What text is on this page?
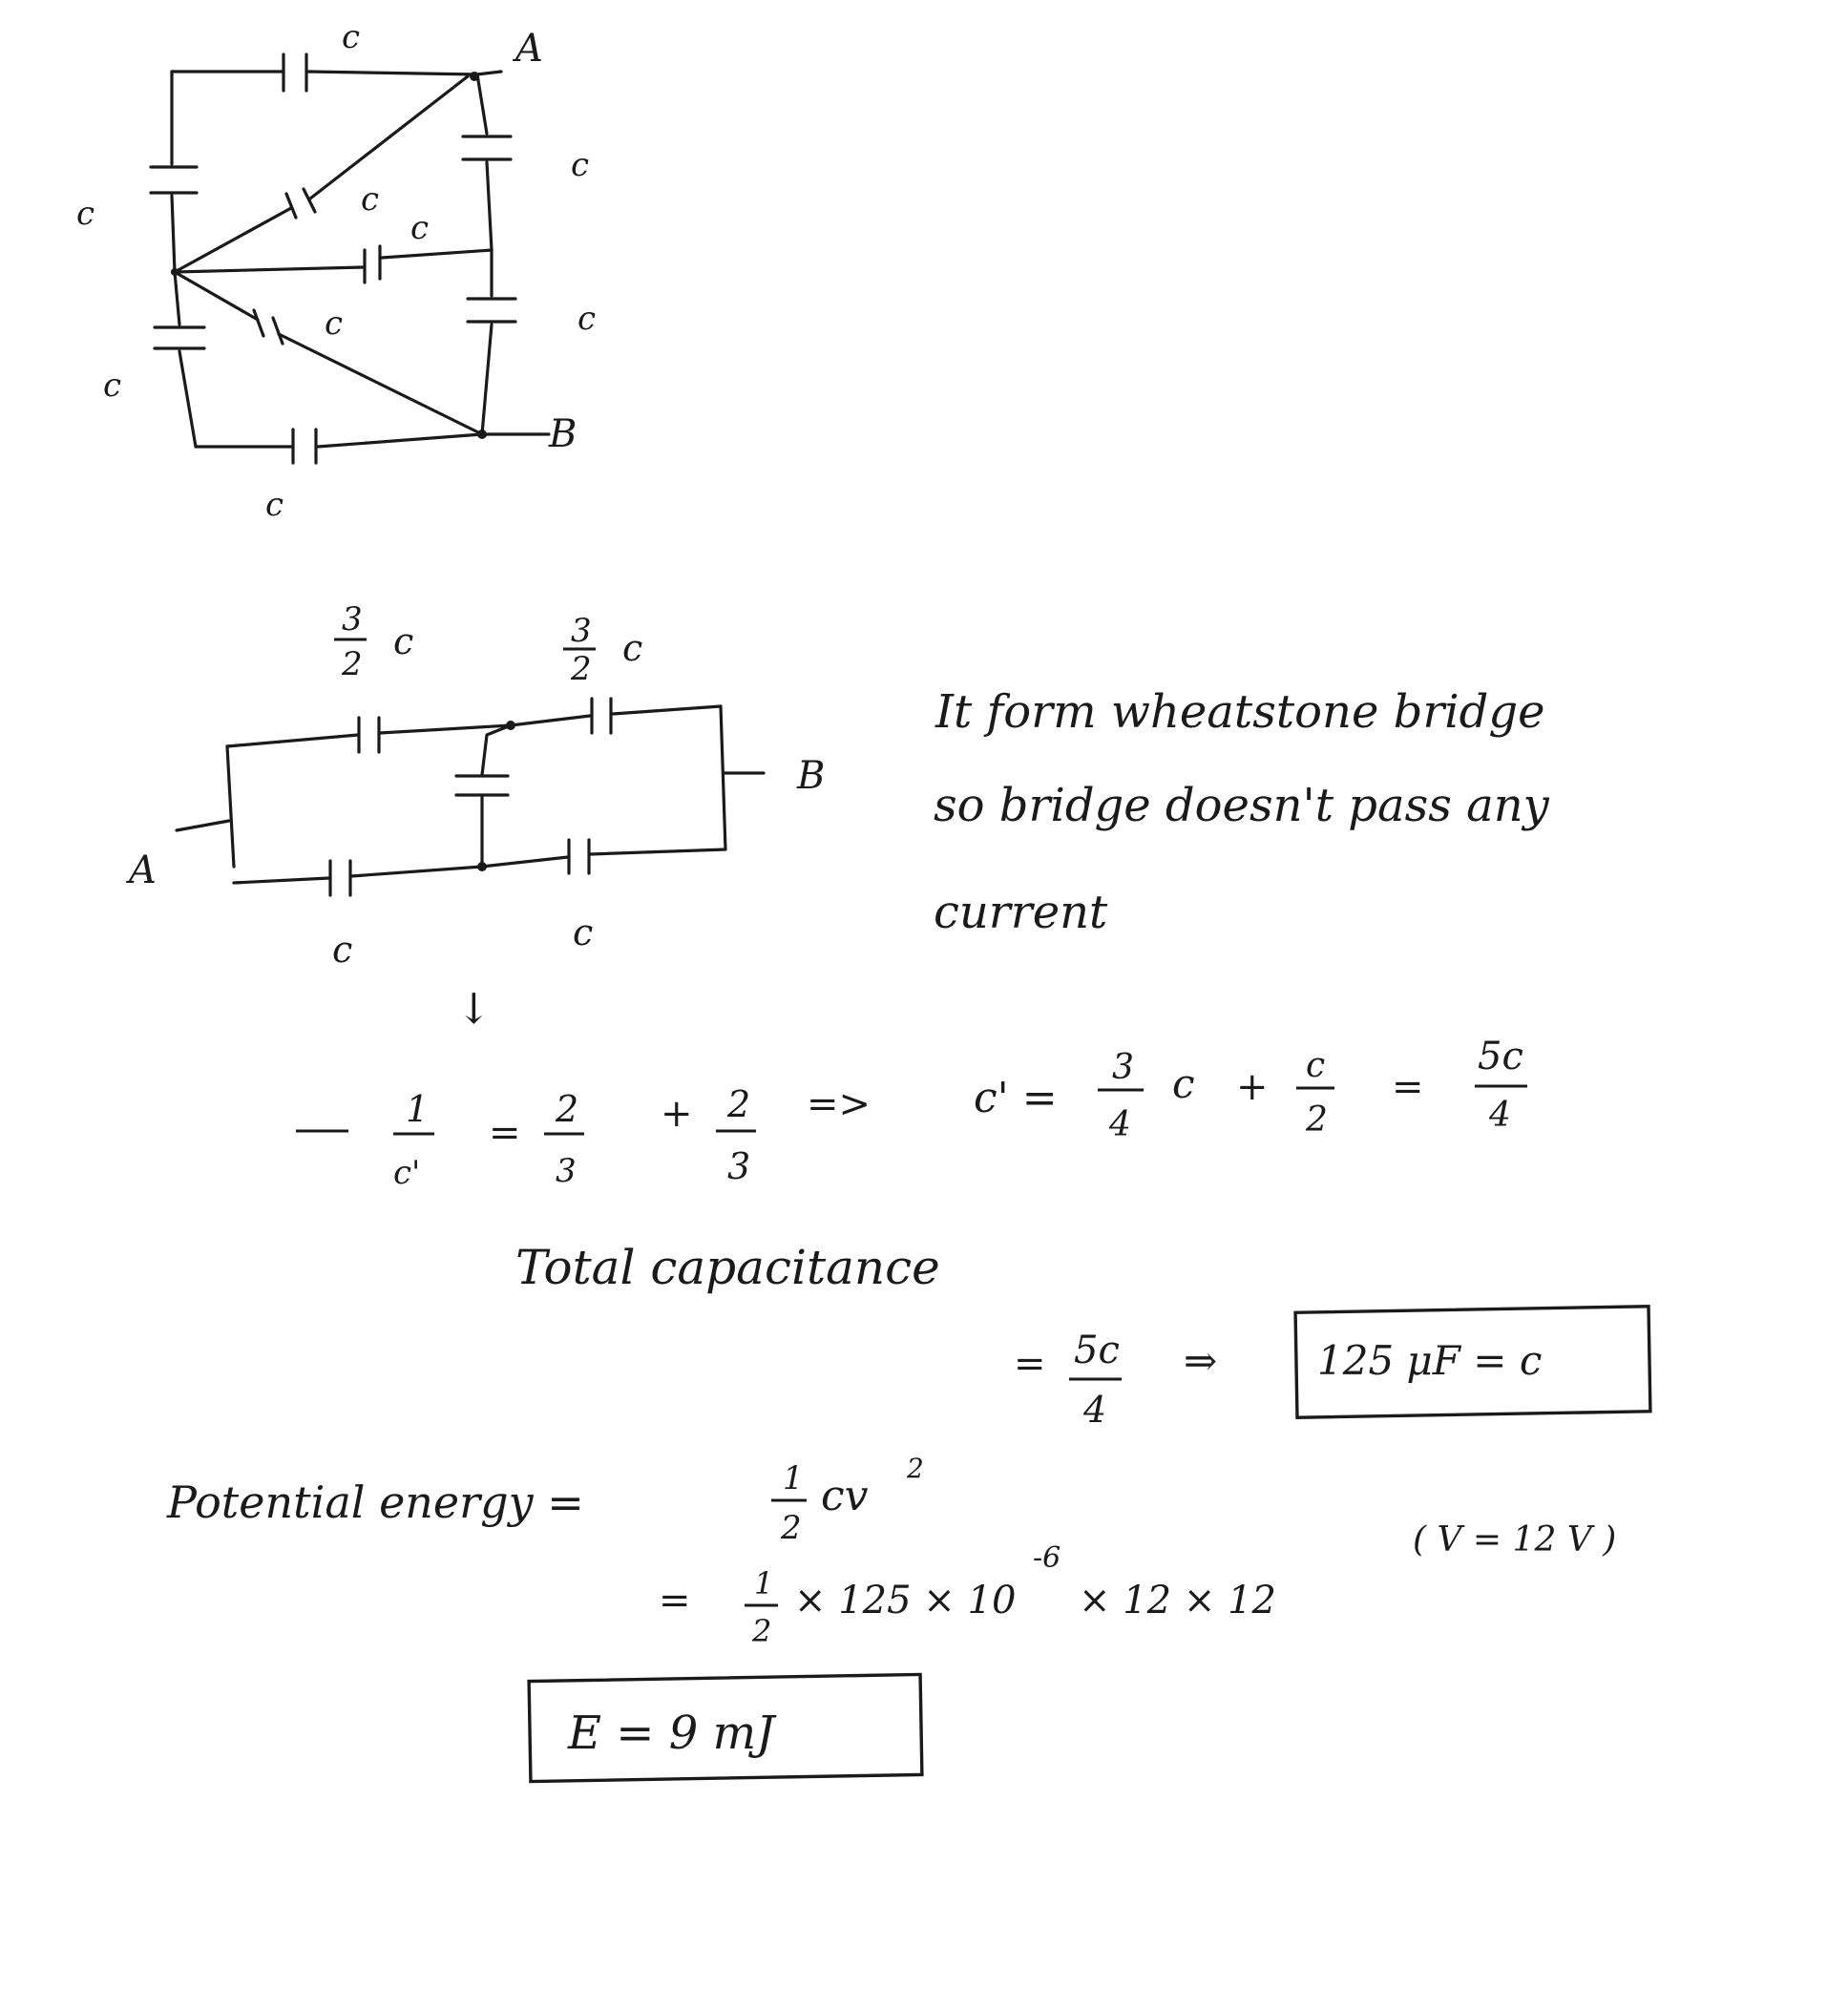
A
B
c
c
c	c
c
c
c
c
c
A
B
3
2
c	3
2 c
c	c
It form wheatstone bridge
so bridge doesn't pass any
current
↓
1
c'
=
2
3
+ 2
3
=> c' =
3
4
c + c
2
=
5c
4
Total capacitance
= 5c
4
⇒ 125 μF = c
Potential energy =	1
2
cv
2
( V = 12 V )
= 1
2
× 125 × 10
-6
× 12 × 12
E = 9 mJ
